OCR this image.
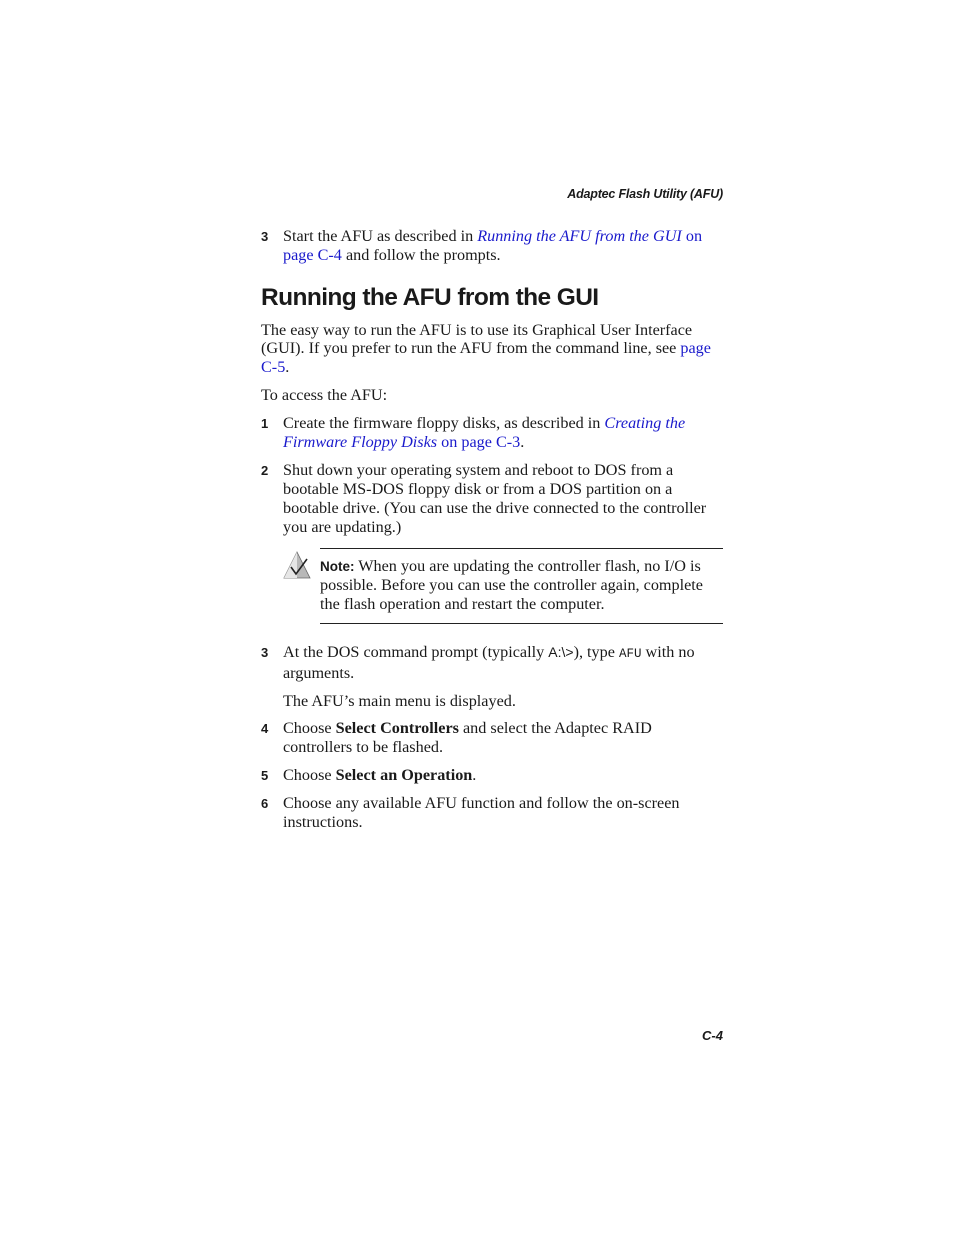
Adaptec Flash Utility (AFU)
3 Start the AFU as described in Running the AFU from the GUI on page C-4 and follow the prompts.
Running the AFU from the GUI
The easy way to run the AFU is to use its Graphical User Interface (GUI). If you prefer to run the AFU from the command line, see page C-5.
To access the AFU:
1 Create the firmware floppy disks, as described in Creating the Firmware Floppy Disks on page C-3.
2 Shut down your operating system and reboot to DOS from a bootable MS-DOS floppy disk or from a DOS partition on a bootable drive. (You can use the drive connected to the controller you are updating.)
Note: When you are updating the controller flash, no I/O is possible. Before you can use the controller again, complete the flash operation and restart the computer.
3 At the DOS command prompt (typically A:\>), type AFU with no arguments.
The AFU’s main menu is displayed.
4 Choose Select Controllers and select the Adaptec RAID controllers to be flashed.
5 Choose Select an Operation.
6 Choose any available AFU function and follow the on-screen instructions.
C-4
